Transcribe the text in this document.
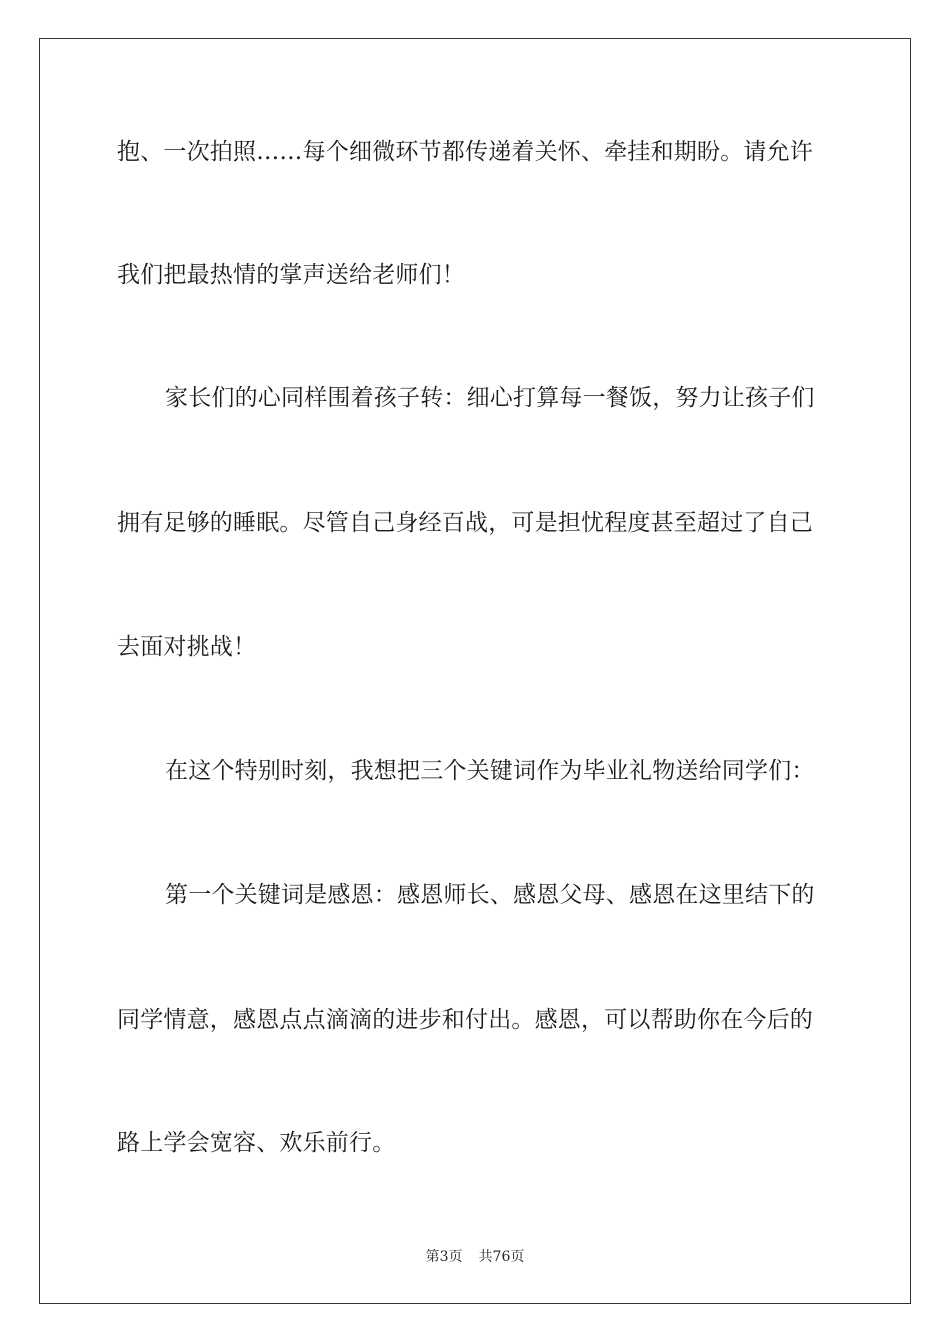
抱、一次拍照……每个细微环节都传递着关怀、牵挂和期盼。请允许
我们把最热情的掌声送给老师们！
家长们的心同样围着孩子转：细心打算每一餐饭，努力让孩子们
拥有足够的睡眠。尽管自己身经百战，可是担忧程度甚至超过了自己
去面对挑战！
在这个特别时刻，我想把三个关键词作为毕业礼物送给同学们：
第一个关键词是感恩：感恩师长、感恩父母、感恩在这里结下的
同学情意，感恩点点滴滴的进步和付出。感恩，可以帮助你在今后的
路上学会宽容、欢乐前行。
第3页 共76页
